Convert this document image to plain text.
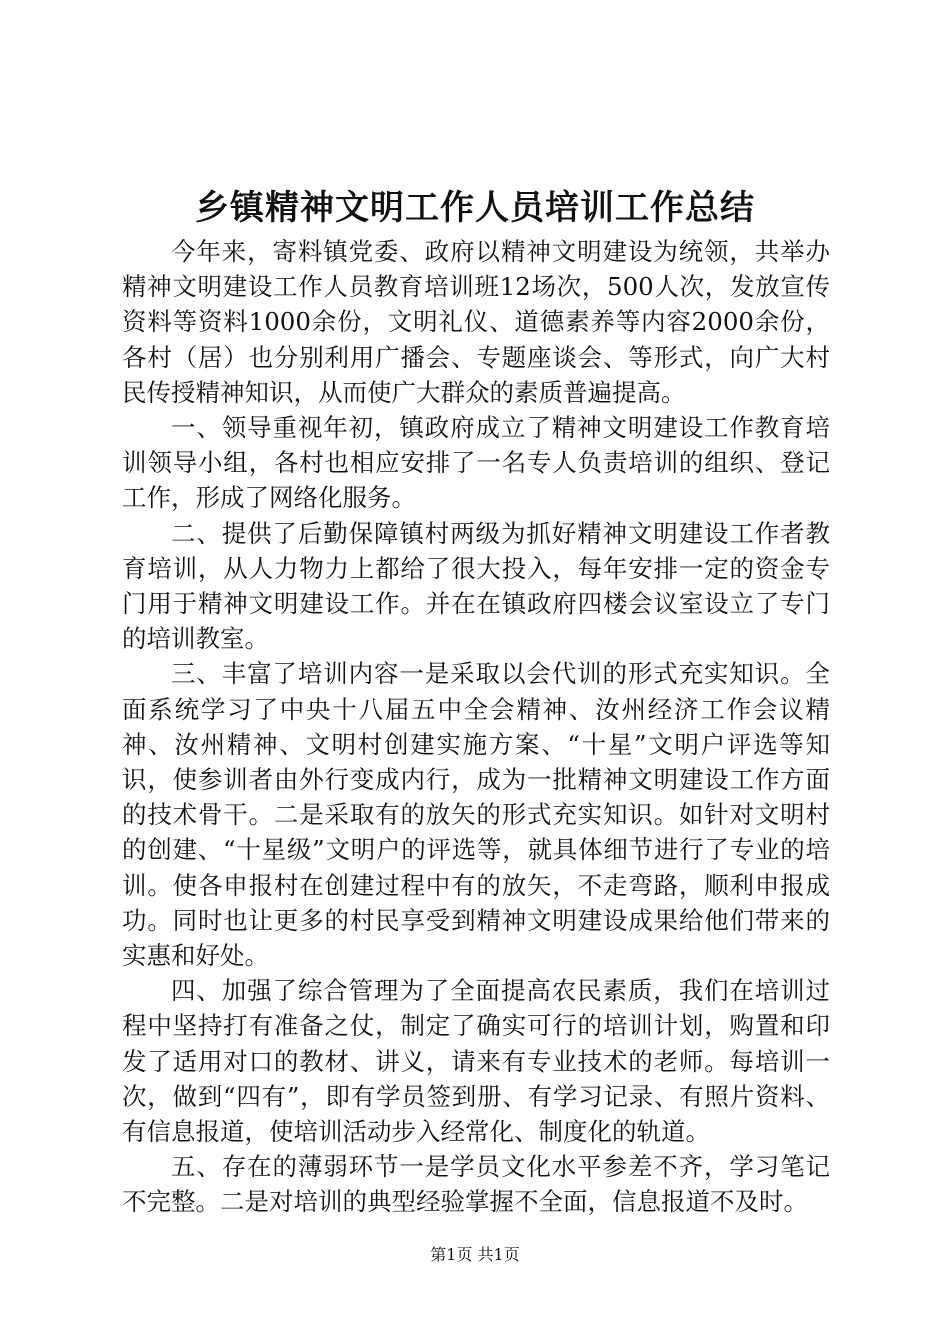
乡镇精神文明工作人员培训工作总结

今年来，寄料镇党委、政府以精神文明建设为统领，共举办精神文明建设工作人员教育培训班12场次，500人次，发放宣传资料等资料1000余份，文明礼仪、道德素养等内容2000余份，各村（居）也分别利用广播会、专题座谈会、等形式，向广大村民传授精神知识，从而使广大群众的素质普遍提高。

一、领导重视年初，镇政府成立了精神文明建设工作教育培训领导小组，各村也相应安排了一名专人负责培训的组织、登记工作，形成了网络化服务。

二、提供了后勤保障镇村两级为抓好精神文明建设工作者教育培训，从人力物力上都给了很大投入，每年安排一定的资金专门用于精神文明建设工作。并在在镇政府四楼会议室设立了专门的培训教室。

三、丰富了培训内容一是采取以会代训的形式充实知识。全面系统学习了中央十八届五中全会精神、汝州经济工作会议精神、汝州精神、文明村创建实施方案、“十星”文明户评选等知识，使参训者由外行变成内行，成为一批精神文明建设工作方面的技术骨干。二是采取有的放矢的形式充实知识。如针对文明村的创建、“十星级”文明户的评选等，就具体细节进行了专业的培训。使各申报村在创建过程中有的放矢，不走弯路，顺利申报成功。同时也让更多的村民享受到精神文明建设成果给他们带来的实惠和好处。

四、加强了综合管理为了全面提高农民素质，我们在培训过程中坚持打有准备之仗，制定了确实可行的培训计划，购置和印发了适用对口的教材、讲义，请来有专业技术的老师。每培训一次，做到“四有”，即有学员签到册、有学习记录、有照片资料、有信息报道，使培训活动步入经常化、制度化的轨道。

五、存在的薄弱环节一是学员文化水平参差不齐，学习笔记不完整。二是对培训的典型经验掌握不全面，信息报道不及时。

第1页 共1页
